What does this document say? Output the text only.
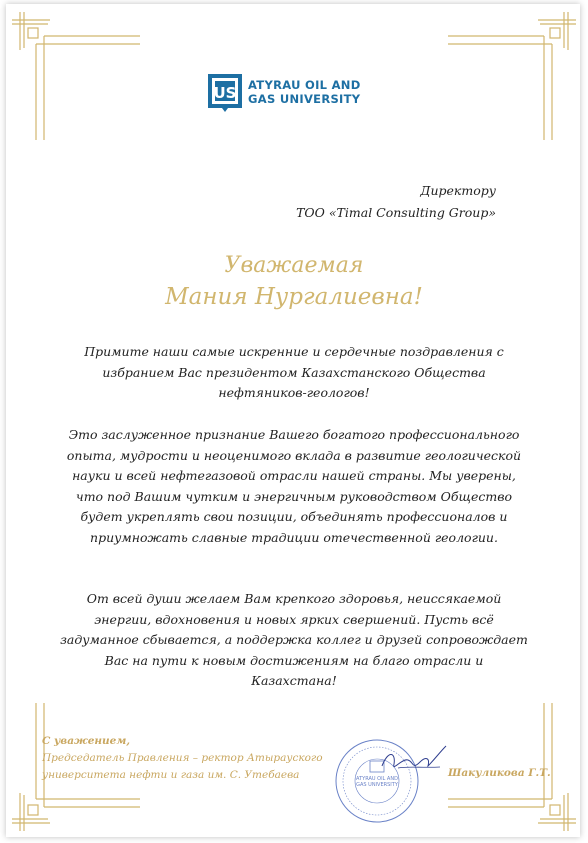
US ATYRAU OIL AND
GAS UNIVERSITY
Директору
ТОО «Timal Consulting Group»
Уважаемая
Мания Нургалиевна!
Примите наши самые искренние и сердечные поздравления с избранием Вас президентом Казахстанского Общества нефтяников-геологов!
Это заслуженное признание Вашего богатого профессионального опыта, мудрости и неоценимого вклада в развитие геологической науки и всей нефтегазовой отрасли нашей страны. Мы уверены, что под Вашим чутким и энергичным руководством Общество будет укреплять свои позиции, объединять профессионалов и приумножать славные традиции отечественной геологии.
От всей души желаем Вам крепкого здоровья, неиссякаемой энергии, вдохновения и новых ярких свершений. Пусть всё задуманное сбывается, а поддержка коллег и друзей сопровождает Вас на пути к новым достижениям на благо отрасли и Казахстана!
С уважением,
Председатель Правления – ректор Атырауского
университета нефти и газа им. С. Утебаева	ATYRAU OIL AND
GAS UNIVERSITY
Шакуликова Г.Т.
